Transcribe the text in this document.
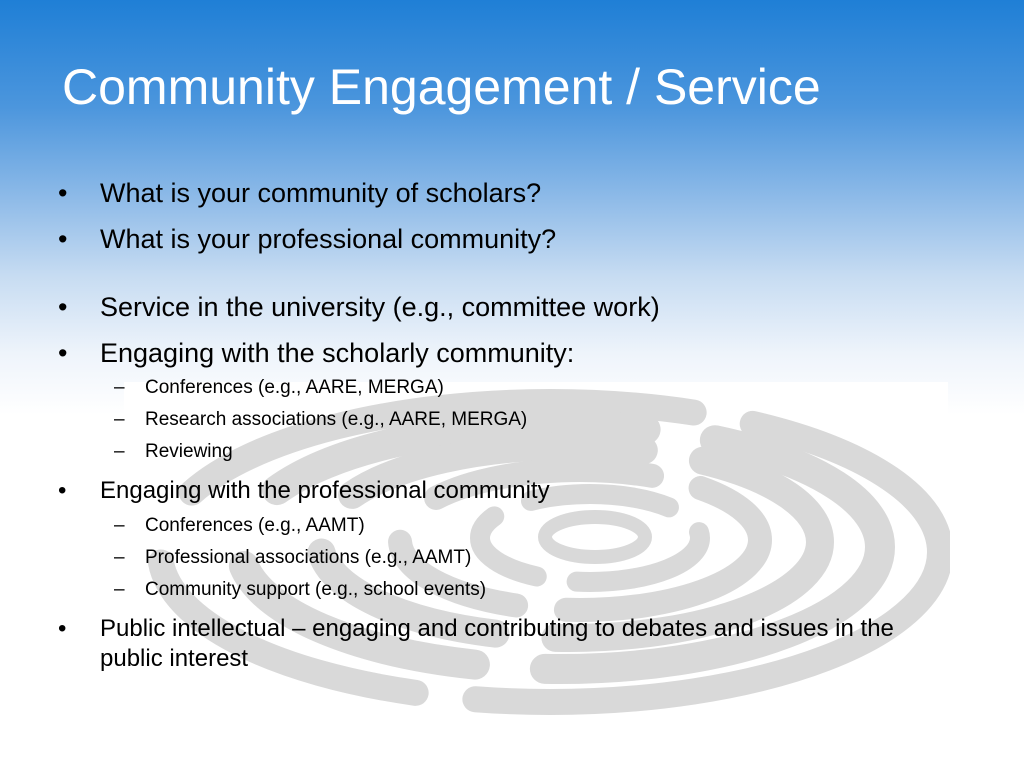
Community Engagement / Service
• What is your community of scholars?
• What is your professional community?
• Service in the university (e.g., committee work)
• Engaging with the scholarly community:
– Conferences (e.g., AARE, MERGA)
– Research associations (e.g., AARE, MERGA)
– Reviewing
• Engaging with the professional community
– Conferences (e.g., AAMT)
– Professional associations (e.g., AAMT)
– Community support (e.g., school events)
• Public intellectual – engaging and contributing to debates and issues in the public interest
